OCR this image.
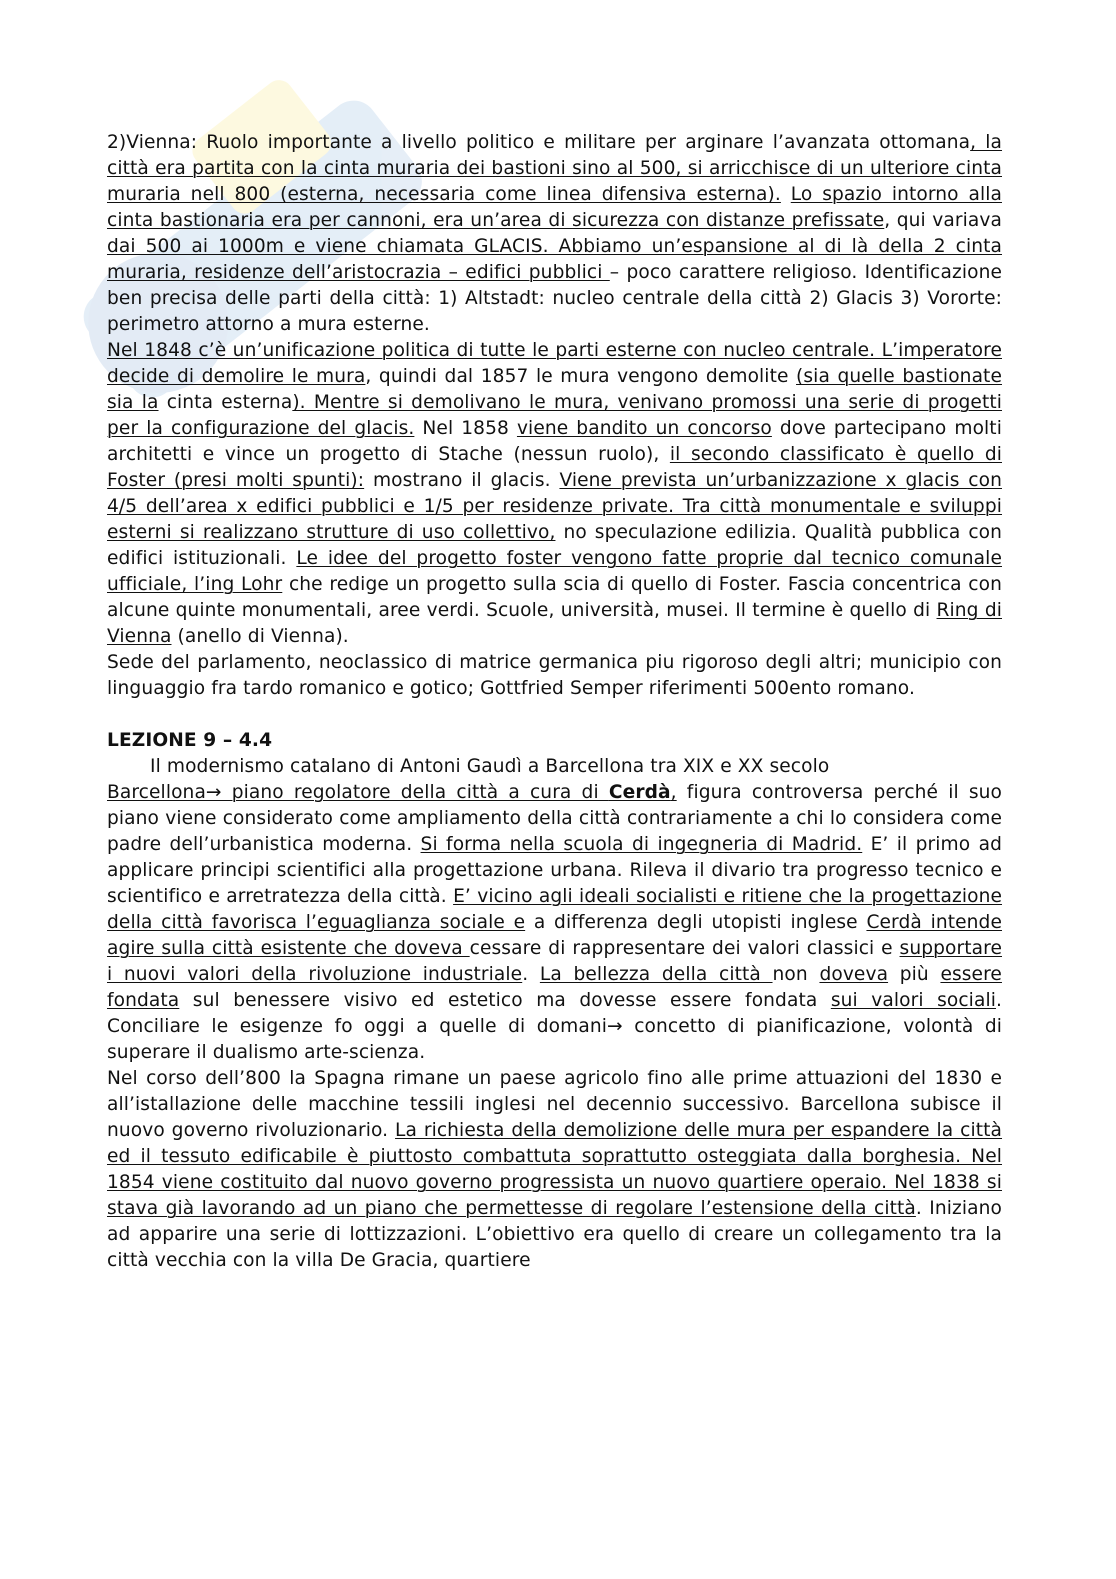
2)Vienna: Ruolo importante a livello politico e militare per arginare l’avanzata ottomana, la città era partita con la cinta muraria dei bastioni sino al 500, si arricchisce di un ulteriore cinta muraria nell 800 (esterna, necessaria come linea difensiva esterna). Lo spazio intorno alla cinta bastionaria era per cannoni, era un’area di sicurezza con distanze prefissate, qui variava dai 500 ai 1000m e viene chiamata GLACIS. Abbiamo un’espansione al di là della 2 cinta muraria, residenze dell’aristocrazia – edifici pubblici – poco carattere religioso. Identificazione ben precisa delle parti della città: 1) Altstadt: nucleo centrale della città 2) Glacis 3) Vororte: perimetro attorno a mura esterne.

Nel 1848 c’è un’unificazione politica di tutte le parti esterne con nucleo centrale. L’imperatore decide di demolire le mura, quindi dal 1857 le mura vengono demolite (sia quelle bastionate sia la cinta esterna). Mentre si demolivano le mura, venivano promossi una serie di progetti per la configurazione del glacis. Nel 1858 viene bandito un concorso dove partecipano molti architetti e vince un progetto di Stache (nessun ruolo), il secondo classificato è quello di Foster (presi molti spunti): mostrano il glacis. Viene prevista un’urbanizzazione x glacis con 4/5 dell’area x edifici pubblici e 1/5 per residenze private. Tra città monumentale e sviluppi esterni si realizzano strutture di uso collettivo, no speculazione edilizia. Qualità pubblica con edifici istituzionali. Le idee del progetto foster vengono fatte proprie dal tecnico comunale ufficiale, l’ing Lohr che redige un progetto sulla scia di quello di Foster. Fascia concentrica con alcune quinte monumentali, aree verdi. Scuole, università, musei. Il termine è quello di Ring di Vienna (anello di Vienna).

Sede del parlamento, neoclassico di matrice germanica piu rigoroso degli altri; municipio con linguaggio fra tardo romanico e gotico; Gottfried Semper riferimenti 500ento romano.

LEZIONE 9 – 4.4

Il modernismo catalano di Antoni Gaudì a Barcellona tra XIX e XX secolo

Barcellona→ piano regolatore della città a cura di Cerdà, figura controversa perché il suo piano viene considerato come ampliamento della città contrariamente a chi lo considera come padre dell’urbanistica moderna. Si forma nella scuola di ingegneria di Madrid. E’ il primo ad applicare principi scientifici alla progettazione urbana. Rileva il divario tra progresso tecnico e scientifico e arretratezza della città. E’ vicino agli ideali socialisti e ritiene che la progettazione della città favorisca l’eguaglianza sociale e a differenza degli utopisti inglese Cerdà intende agire sulla città esistente che doveva cessare di rappresentare dei valori classici e supportare i nuovi valori della rivoluzione industriale. La bellezza della città non doveva più essere fondata sul benessere visivo ed estetico ma dovesse essere fondata sui valori sociali. Conciliare le esigenze fo oggi a quelle di domani→ concetto di pianificazione, volontà di superare il dualismo arte-scienza.

Nel corso dell’800 la Spagna rimane un paese agricolo fino alle prime attuazioni del 1830 e all’istallazione delle macchine tessili inglesi nel decennio successivo. Barcellona subisce il nuovo governo rivoluzionario. La richiesta della demolizione delle mura per espandere la città ed il tessuto edificabile è piuttosto combattuta soprattutto osteggiata dalla borghesia. Nel 1854 viene costituito dal nuovo governo progressista un nuovo quartiere operaio. Nel 1838 si stava già lavorando ad un piano che permettesse di regolare l’estensione della città. Iniziano ad apparire una serie di lottizzazioni. L’obiettivo era quello di creare un collegamento tra la città vecchia con la villa De Gracia, quartiere
